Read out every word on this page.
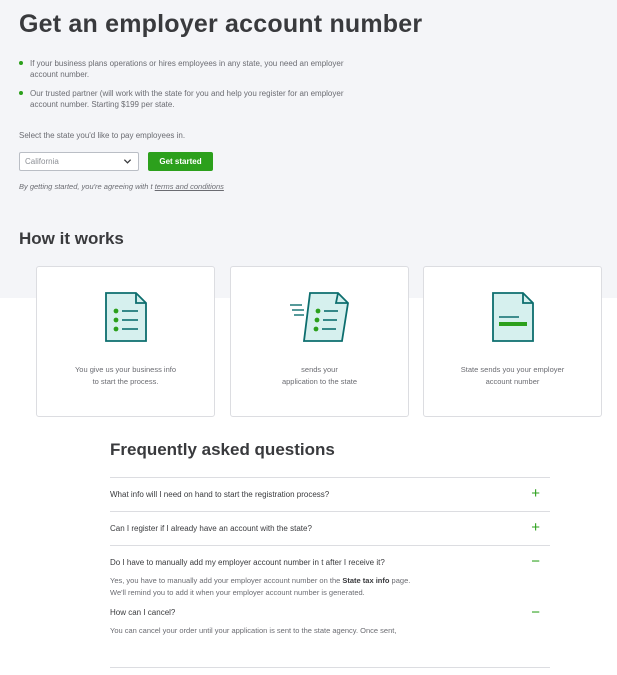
Get an employer account number
If your business plans operations or hires employees in any state, you need an employer account number.
Our trusted partner (will work with the state for you and help you register for an employer account number. Starting $199 per state.
Select the state you'd like to pay employees in.
California	Get started
By getting started, you're agreeing with t terms and conditions
How it works
You give us your business info
to start the process.
sends your
application to the state
State sends you your employer
account number
Frequently asked questions
What info will I need on hand to start the registration process?	+
Can I register if I already have an account with the state?	+
Do I have to manually add my employer account number in t after I receive it?	−
Yes, you have to manually add your employer account number on the State tax info page.
We'll remind you to add it when your employer account number is generated.
How can I cancel?	−
You can cancel your order until your application is sent to the state agency. Once sent,
